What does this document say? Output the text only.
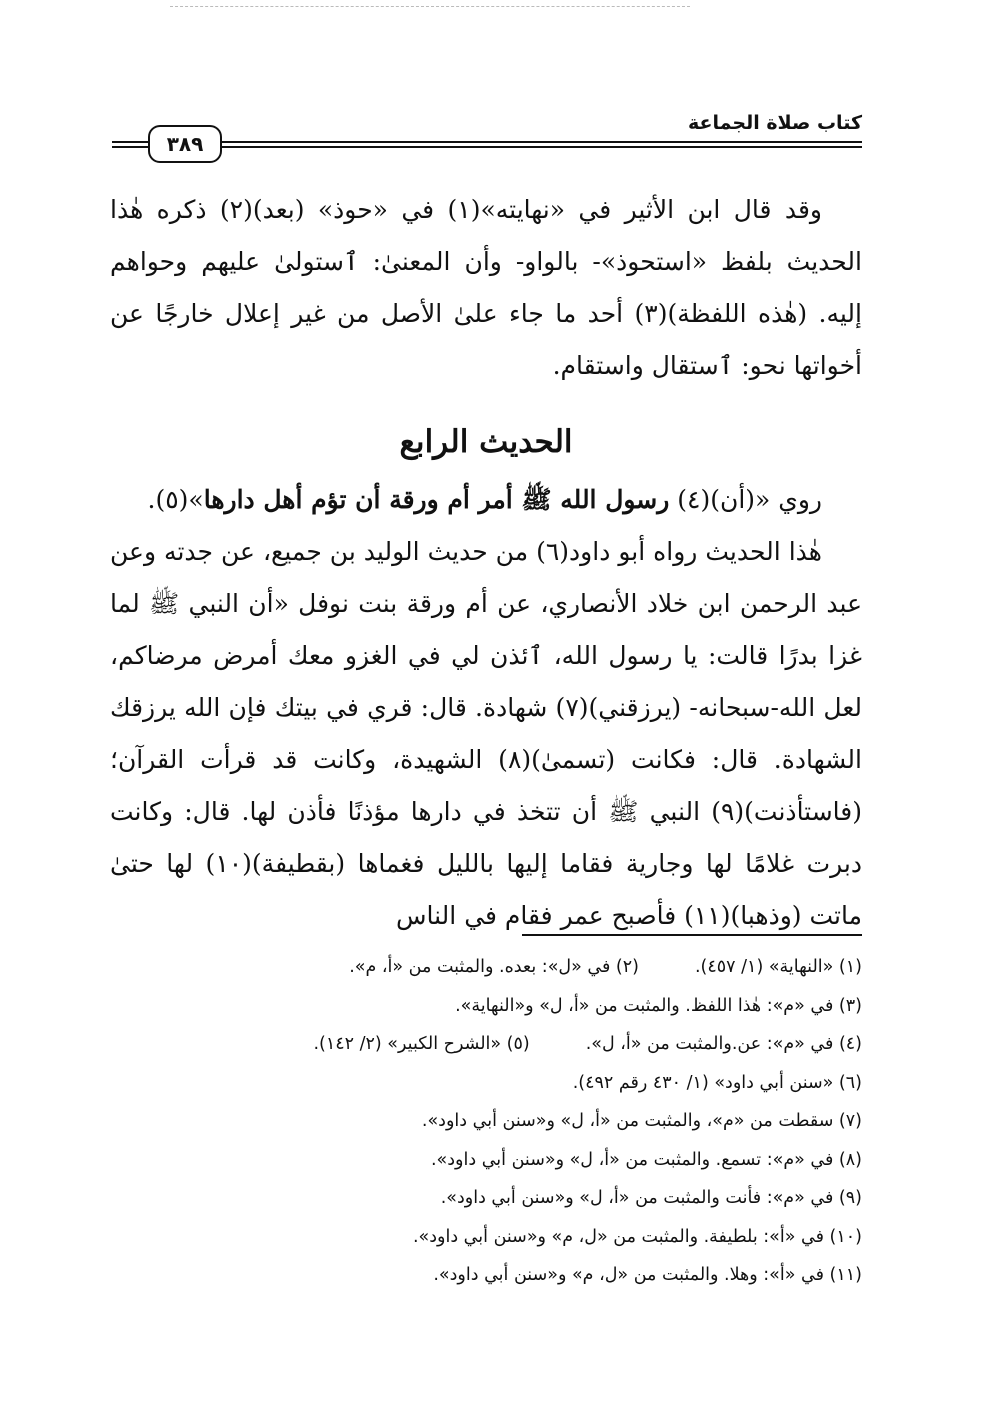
كتاب صلاة الجماعة
٣٨٩

وقد قال ابن الأثير في «نهايته»(١) في «حوذ» (بعد)(٢) ذكره هٰذا الحديث بلفظ «استحوذ»- بالواو- وأن المعنىٰ: ٱستولىٰ عليهم وحواهم إليه. (هٰذه اللفظة)(٣) أحد ما جاء علىٰ الأصل من غير إعلال خارجًا عن أخواتها نحو: ٱستقال واستقام.

الحديث الرابع

روي «(أن)(٤) رسول الله ﷺ أمر أم ورقة أن تؤم أهل دارها»(٥).

هٰذا الحديث رواه أبو داود(٦) من حديث الوليد بن جميع، عن جدته وعن عبد الرحمن ابن خلاد الأنصاري، عن أم ورقة بنت نوفل «أن النبي ﷺ لما غزا بدرًا قالت: يا رسول الله، ٱئذن لي في الغزو معك أمرض مرضاكم، لعل الله-سبحانه- (يرزقني)(٧) شهادة. قال: قري في بيتك فإن الله يرزقك الشهادة. قال: فكانت (تسمىٰ)(٨) الشهيدة، وكانت قد قرأت القرآن؛ (فاستأذنت)(٩) النبي ﷺ أن تتخذ في دارها مؤذنًا فأذن لها. قال: وكانت دبرت غلامًا لها وجارية فقاما إليها بالليل فغماها (بقطيفة)(١٠) لها حتىٰ ماتت (وذهبا)(١١) فأصبح عمر فقام في الناس

(١) «النهاية» (١/ ٤٥٧).
(٢) في «ل»: بعده. والمثبت من «أ، م».
(٣) في «م»: هٰذا اللفظ. والمثبت من «أ، ل» و«النهاية».
(٤) في «م»: عن.والمثبت من «أ، ل».
(٥) «الشرح الكبير» (٢/ ١٤٢).
(٦) «سنن أبي داود» (١/ ٤٣٠ رقم ٤٩٢).
(٧) سقطت من «م»، والمثبت من «أ، ل» و«سنن أبي داود».
(٨) في «م»: تسمع. والمثبت من «أ، ل» و«سنن أبي داود».
(٩) في «م»: فأنت والمثبت من «أ، ل» و«سنن أبي داود».
(١٠) في «أ»: بلطيفة. والمثبت من «ل، م» و«سنن أبي داود».
(١١) في «أ»: وهلا. والمثبت من «ل، م» و«سنن أبي داود».
